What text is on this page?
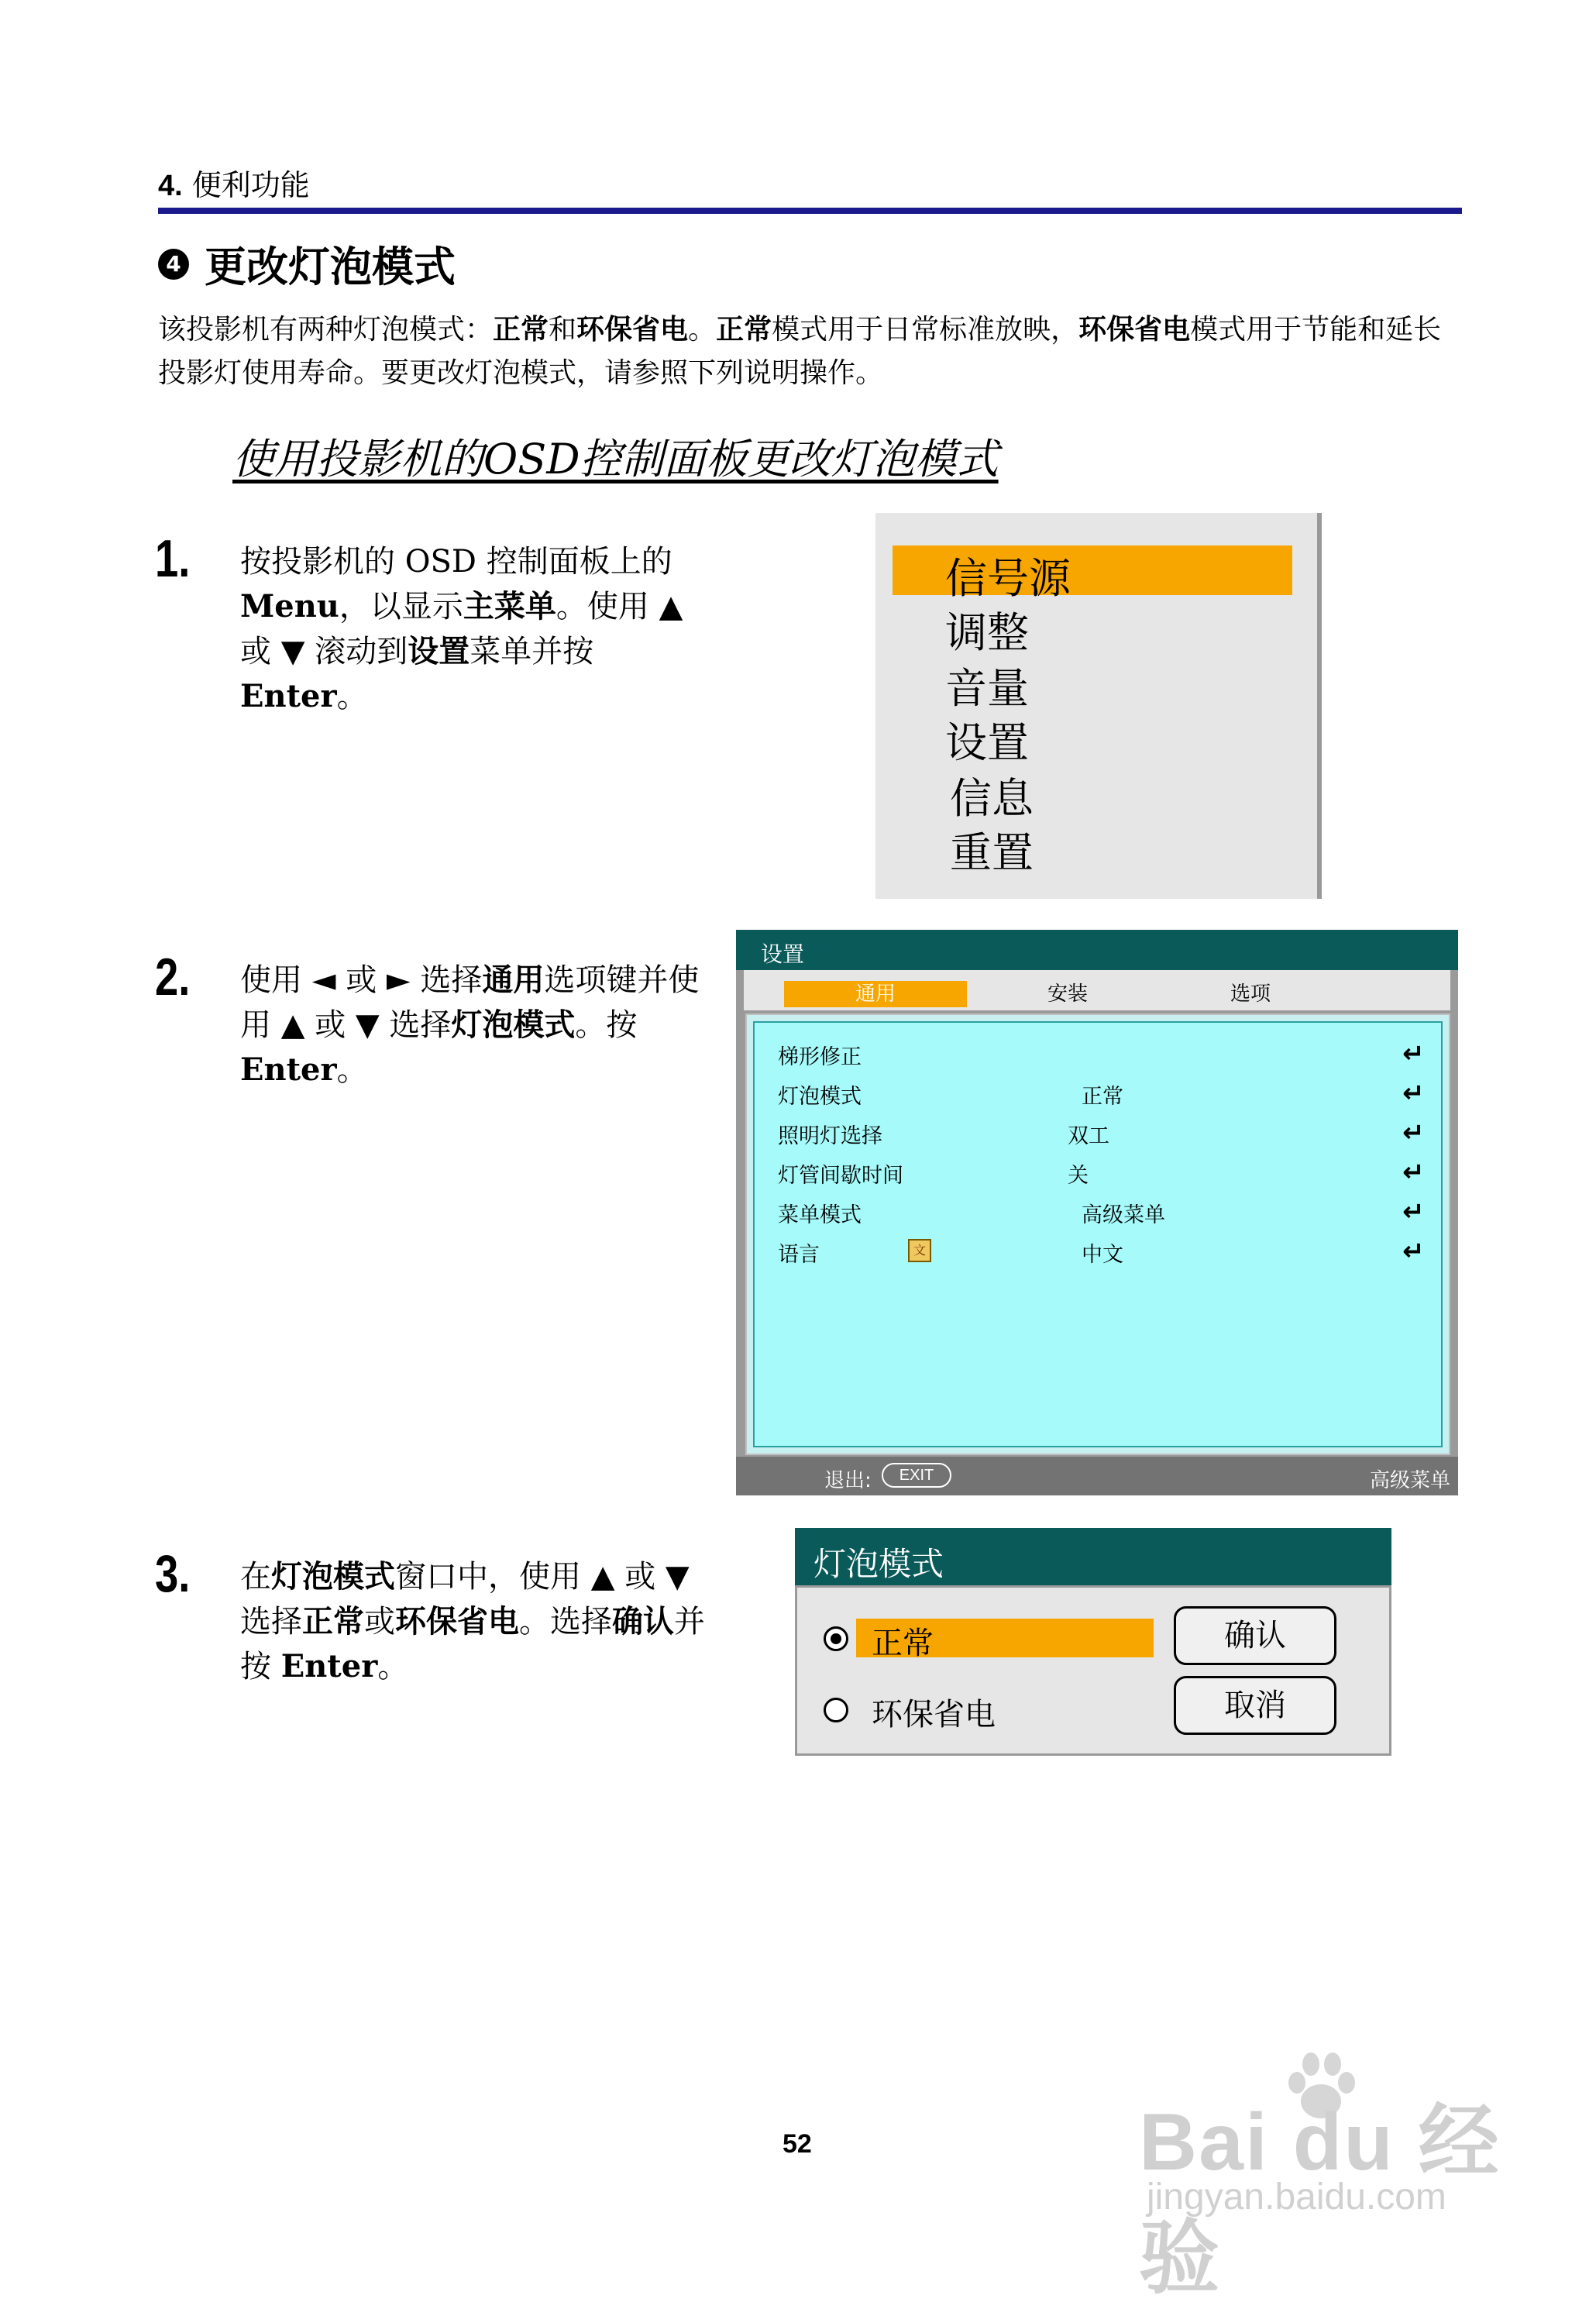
4. 便利功能
4 更改灯泡模式
该投影机有两种灯泡模式：正常和环保省电。正常模式用于日常标准放映，环保省电模式用于节能和延长投影灯使用寿命。要更改灯泡模式，请参照下列说明操作。
使用投影机的OSD控制面板更改灯泡模式
1. 按投影机的 OSD 控制面板上的 Menu，以显示主菜单。使用 ▲ 或 ▼ 滚动到设置菜单并按 Enter。
信号源
调整
音量
设置
信息
重置
2. 使用 ◄ 或 ► 选择通用选项键并使用 ▲ 或 ▼ 选择灯泡模式。按 Enter。
设置
通用	安装	选项
梯形修正	↵
灯泡模式	正常	↵
照明灯选择	双工	↵
灯管间歇时间	关	↵
菜单模式	高级菜单	↵
语言	文	中文	↵
退出:	EXIT	高级菜单
3. 在灯泡模式窗口中，使用 ▲ 或 ▼ 选择正常或环保省电。选择确认并按 Enter。
灯泡模式
正常
环保省电
确认
取消
52	Bai du 经验
jingyan.baidu.com
